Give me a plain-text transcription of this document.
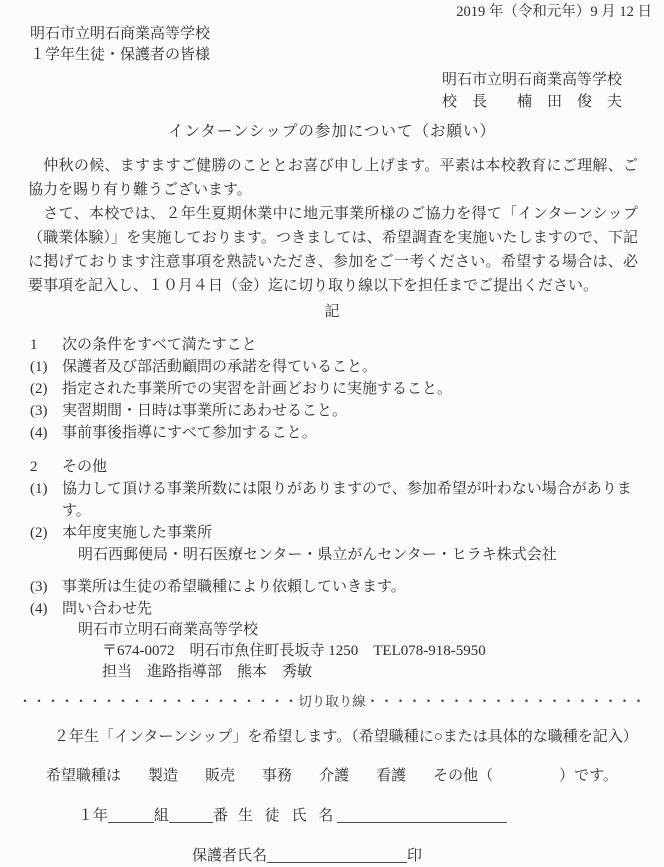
2019 年（令和元年）9 月 12 日
明石市立明石商業高等学校
１学年生徒・保護者の皆様
明石市立明石商業高等学校
校　長　　楠　田　俊　夫
インターンシップの参加について（お願い）

　仲秋の候、ますますご健勝のこととお喜び申し上げます。平素は本校教育にご理解、ご協力を賜り有り難うございます。

　さて、本校では、２年生夏期休業中に地元事業所様のご協力を得て「インターンシップ（職業体験）」を実施しております。つきましては、希望調査を実施いたしますので、下記に掲げております注意事項を熟読いただき、参加をご一考ください。希望する場合は、必要事項を記入し、１０月４日（金）迄に切り取り線以下を担任までご提出ください。

記
1	次の条件をすべて満たすこと
(1) 保護者及び部活動顧問の承諾を得ていること。
(2) 指定された事業所での実習を計画どおりに実施すること。
(3) 実習期間・日時は事業所にあわせること。
(4) 事前事後指導にすべて参加すること。
2	その他
(1) 協力して頂ける事業所数には限りがありますので、参加希望が叶わない場合があります。
(2) 本年度実施した事業所
明石西郵便局・明石医療センター・県立がんセンター・ヒラキ株式会社
(3) 事業所は生徒の希望職種により依頼していきます。
(4) 問い合わせ先
明石市立明石商業高等学校
〒674-0072　明石市魚住町長坂寺 1250　TEL078-918-5950
担当　進路指導部　熊本　秀敏
・・・・・・・・・・・・・・・・・・・・切り取り線・・・・・・・・・・・・・・・・・・・・
２年生「インターンシップ」を希望します。（希望職種に○または具体的な職種を記入）
希望職種は 製造 販売 事務 介護 看護 その他（	）です。
１年	組	番 生 徒 氏 名
保護者氏名	印
